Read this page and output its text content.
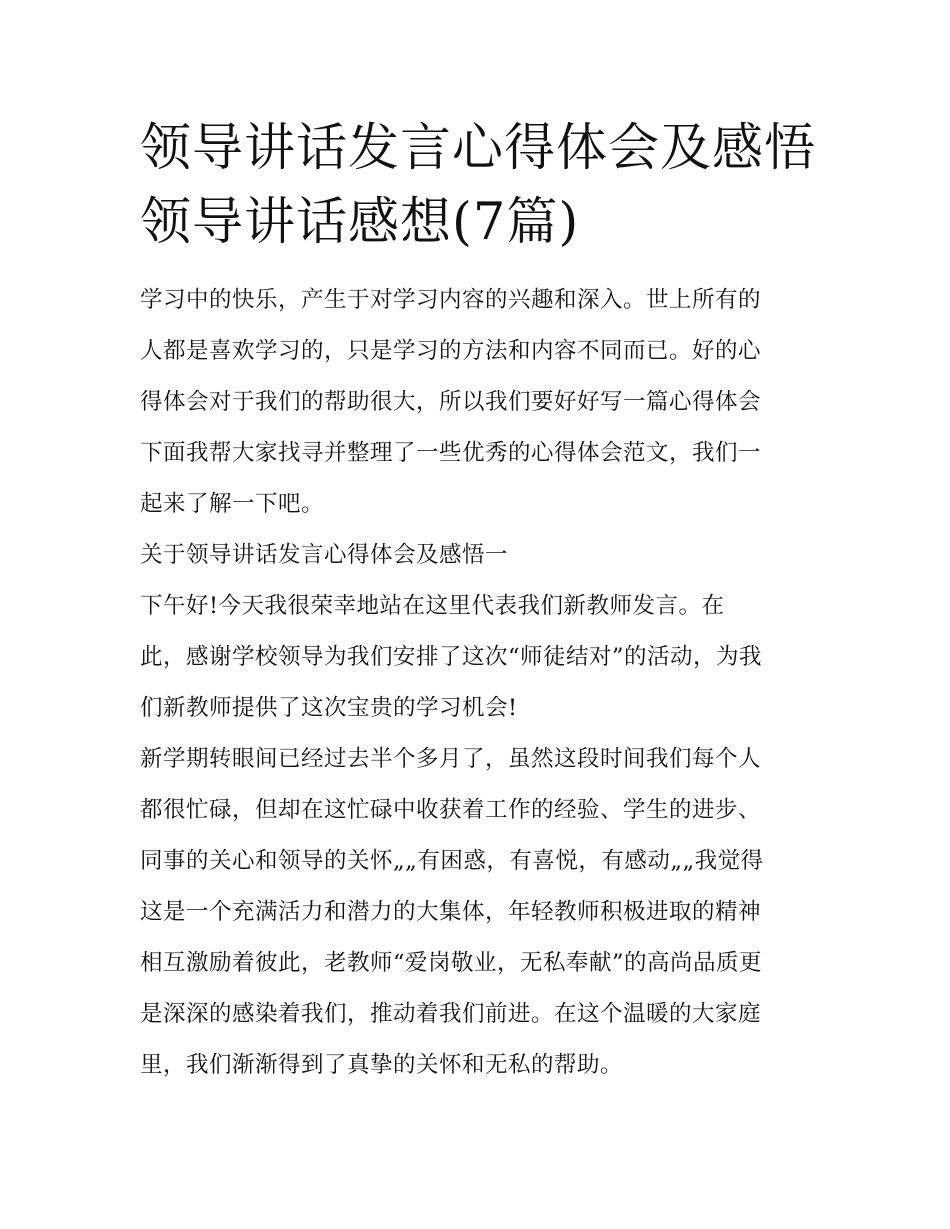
领导讲话发言心得体会及感悟
领导讲话感想(7篇)
学习中的快乐，产生于对学习内容的兴趣和深入。世上所有的
人都是喜欢学习的，只是学习的方法和内容不同而已。好的心
得体会对于我们的帮助很大，所以我们要好好写一篇心得体会
下面我帮大家找寻并整理了一些优秀的心得体会范文，我们一
起来了解一下吧。
关于领导讲话发言心得体会及感悟一
下午好!今天我很荣幸地站在这里代表我们新教师发言。在
此，感谢学校领导为我们安排了这次“师徒结对”的活动，为我
们新教师提供了这次宝贵的学习机会!
新学期转眼间已经过去半个多月了，虽然这段时间我们每个人
都很忙碌，但却在这忙碌中收获着工作的经验、学生的进步、
同事的关心和领导的关怀„„有困惑，有喜悦，有感动„„我觉得
这是一个充满活力和潜力的大集体，年轻教师积极进取的精神
相互激励着彼此，老教师“爱岗敬业，无私奉献”的高尚品质更
是深深的感染着我们，推动着我们前进。在这个温暖的大家庭
里，我们渐渐得到了真挚的关怀和无私的帮助。
